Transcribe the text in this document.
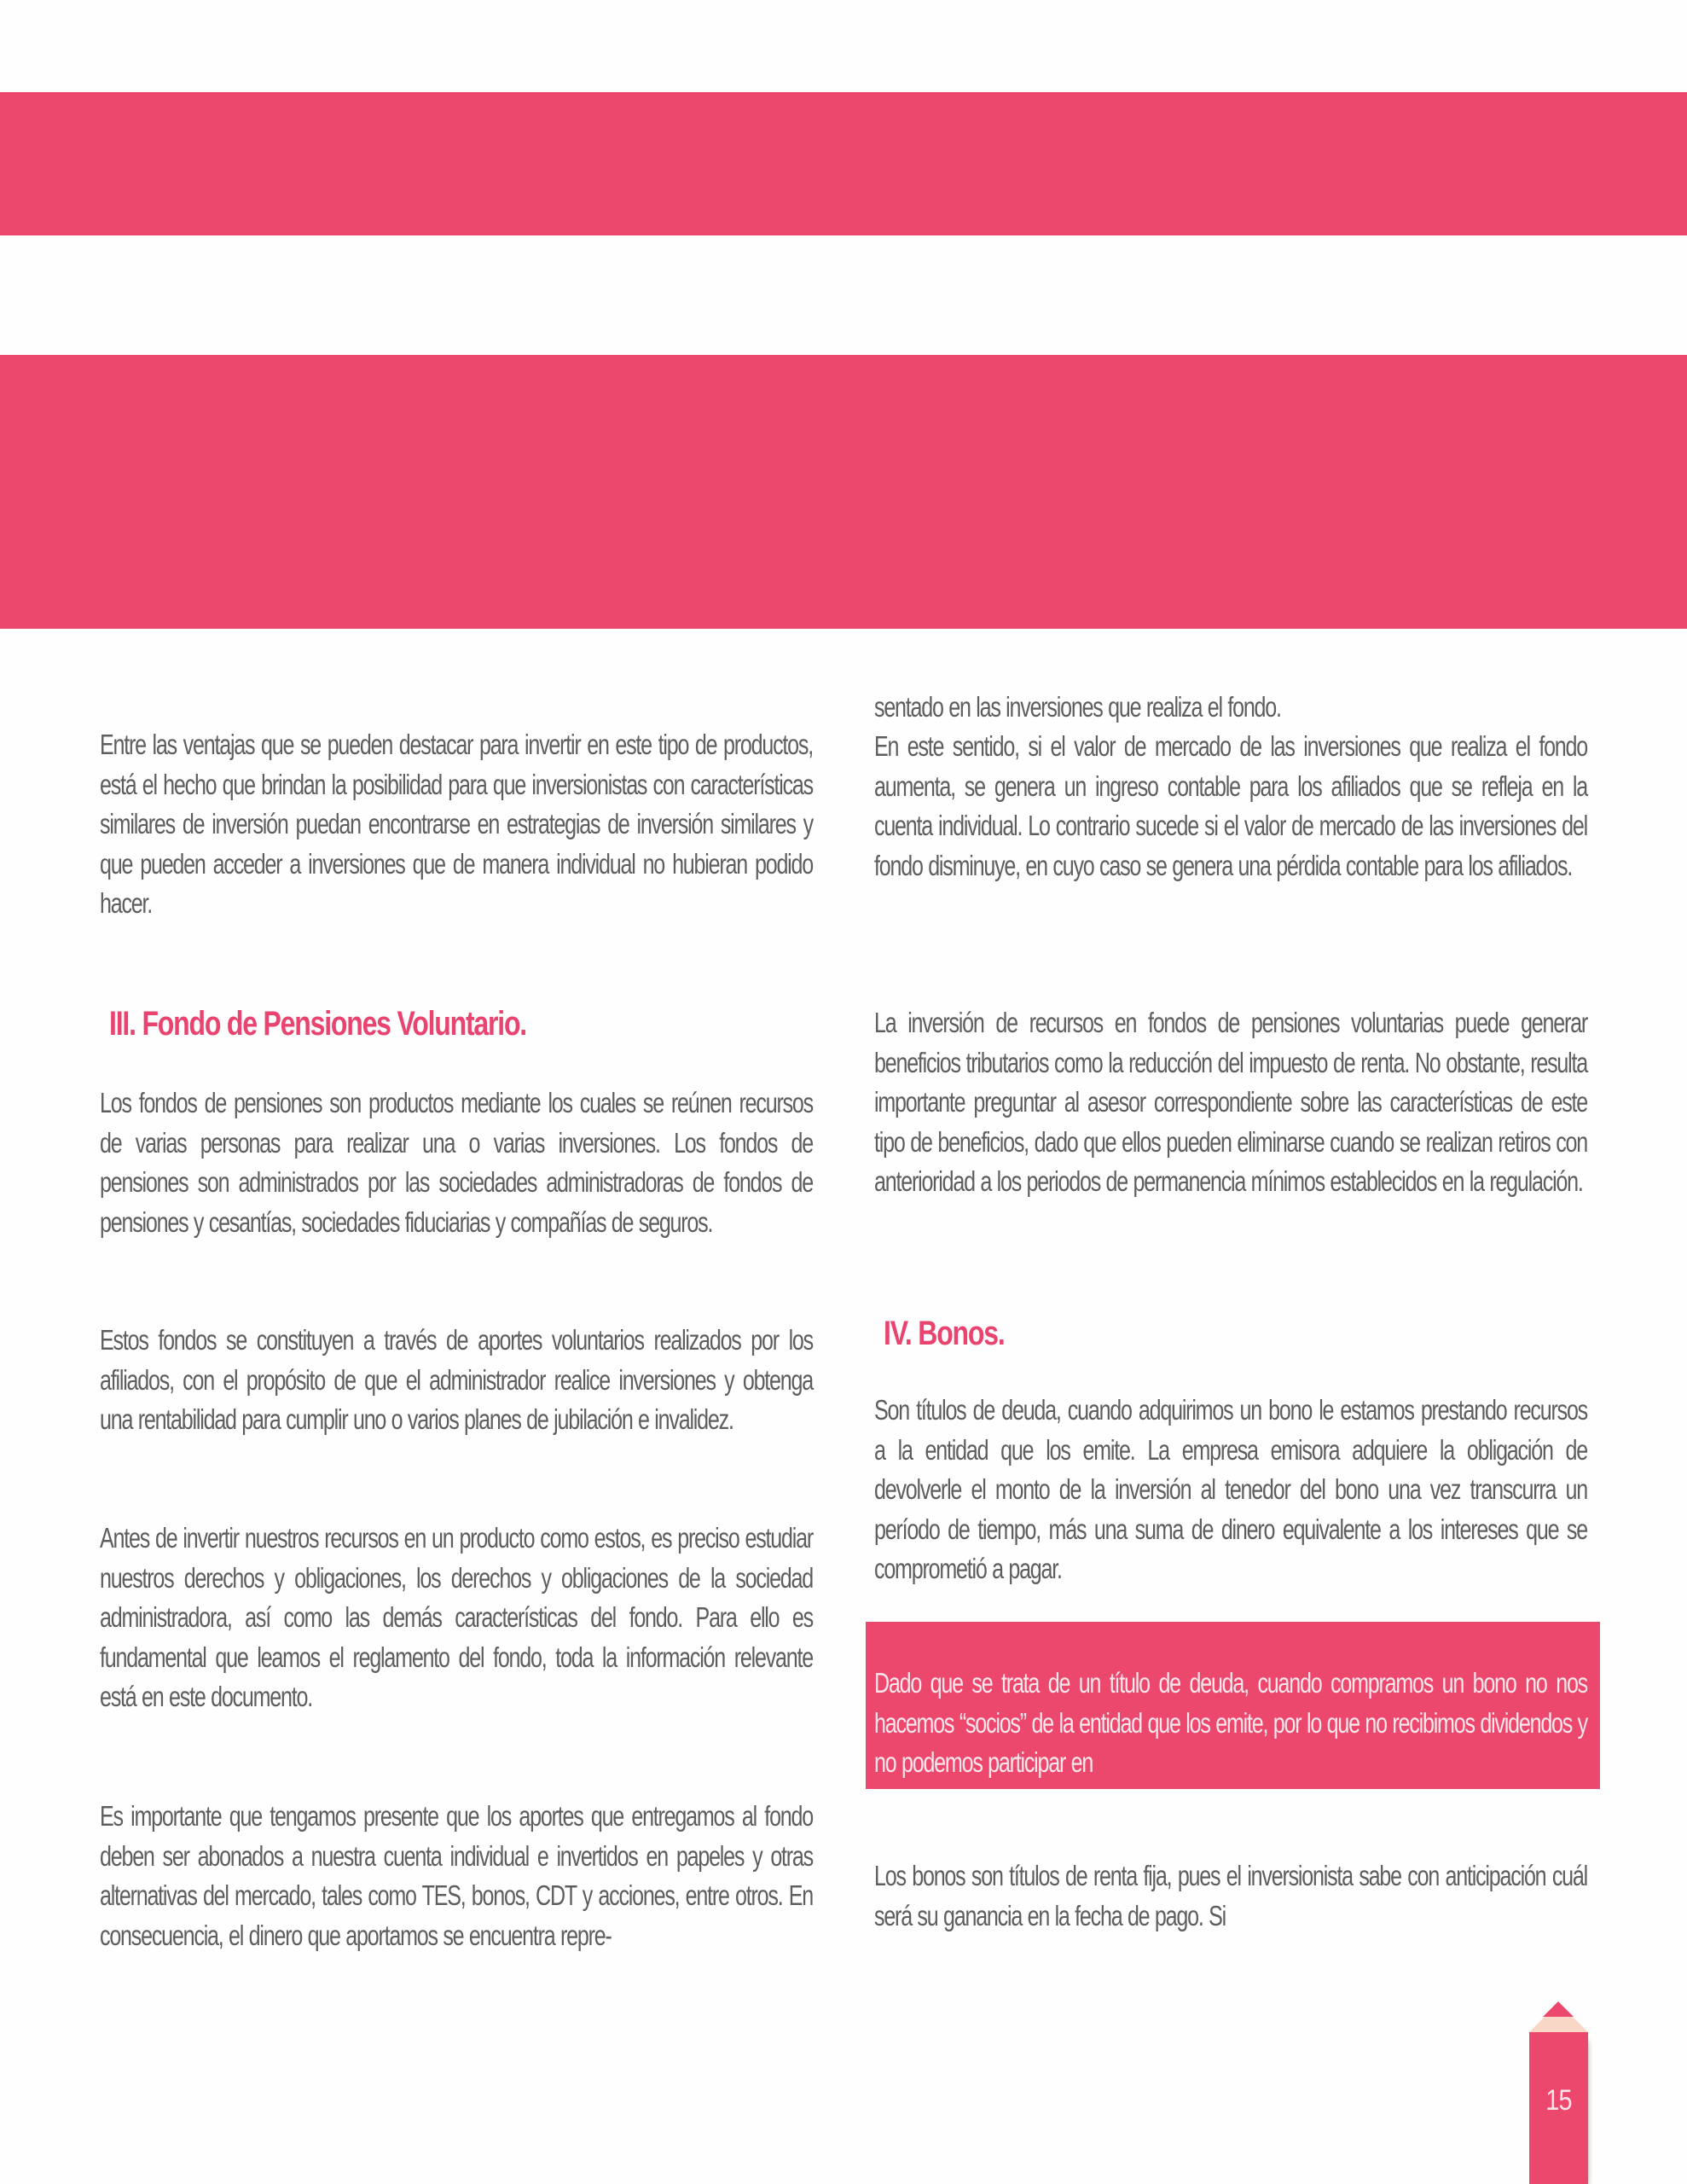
Entre las ventajas que se pueden destacar para invertir en este tipo de productos, está el hecho que brindan la posibilidad para que inversionistas con características similares de inversión puedan encontrarse en estrategias de inversión similares y que pueden acceder a inversiones que de manera individual no hubieran podido hacer.

III. Fondo de Pensiones Voluntario.

Los fondos de pensiones son productos mediante los cuales se reúnen recursos de varias personas para realizar una o varias inversiones. Los fondos de pensiones son administrados por las sociedades administradoras de fondos de pensiones y cesantías, sociedades fiduciarias y compañías de seguros.

Estos fondos se constituyen a través de aportes voluntarios realizados por los afiliados, con el propósito de que el administrador realice inversiones y obtenga una rentabilidad para cumplir uno o varios planes de jubilación e invalidez.

Antes de invertir nuestros recursos en un producto como estos, es preciso estudiar nuestros derechos y obligaciones, los derechos y obligaciones de la sociedad administradora, así como las demás características del fondo. Para ello es fundamental que leamos el reglamento del fondo, toda la información relevante está en este documento.

Es importante que tengamos presente que los aportes que entregamos al fondo deben ser abonados a nuestra cuenta individual e invertidos en papeles y otras alternativas del mercado, tales como TES, bonos, CDT y acciones, entre otros. En consecuencia, el dinero que aportamos se encuentra repre-

sentado en las inversiones que realiza el fondo.

En este sentido, si el valor de mercado de las inversiones que realiza el fondo aumenta, se genera un ingreso contable para los afiliados que se refleja en la cuenta individual. Lo contrario sucede si el valor de mercado de las inversiones del fondo disminuye, en cuyo caso se genera una pérdida contable para los afiliados.

La inversión de recursos en fondos de pensiones voluntarias puede generar beneficios tributarios como la reducción del impuesto de renta. No obstante, resulta importante preguntar al asesor correspondiente sobre las características de este tipo de beneficios, dado que ellos pueden eliminarse cuando se realizan retiros con anterioridad a los periodos de permanencia mínimos establecidos en la regulación.

IV. Bonos.

Son títulos de deuda, cuando adquirimos un bono le estamos prestando recursos a la entidad que los emite. La empresa emisora adquiere la obligación de devolverle el monto de la inversión al tenedor del bono una vez transcurra un período de tiempo, más una suma de dinero equivalente a los intereses que se comprometió a pagar.

Dado que se trata de un título de deuda, cuando compramos un bono no nos hacemos “socios” de la entidad que los emite, por lo que no recibimos dividendos y no podemos participar en

Los bonos son títulos de renta fija, pues el inversionista sabe con anticipación cuál será su ganancia en la fecha de pago. Si

15
